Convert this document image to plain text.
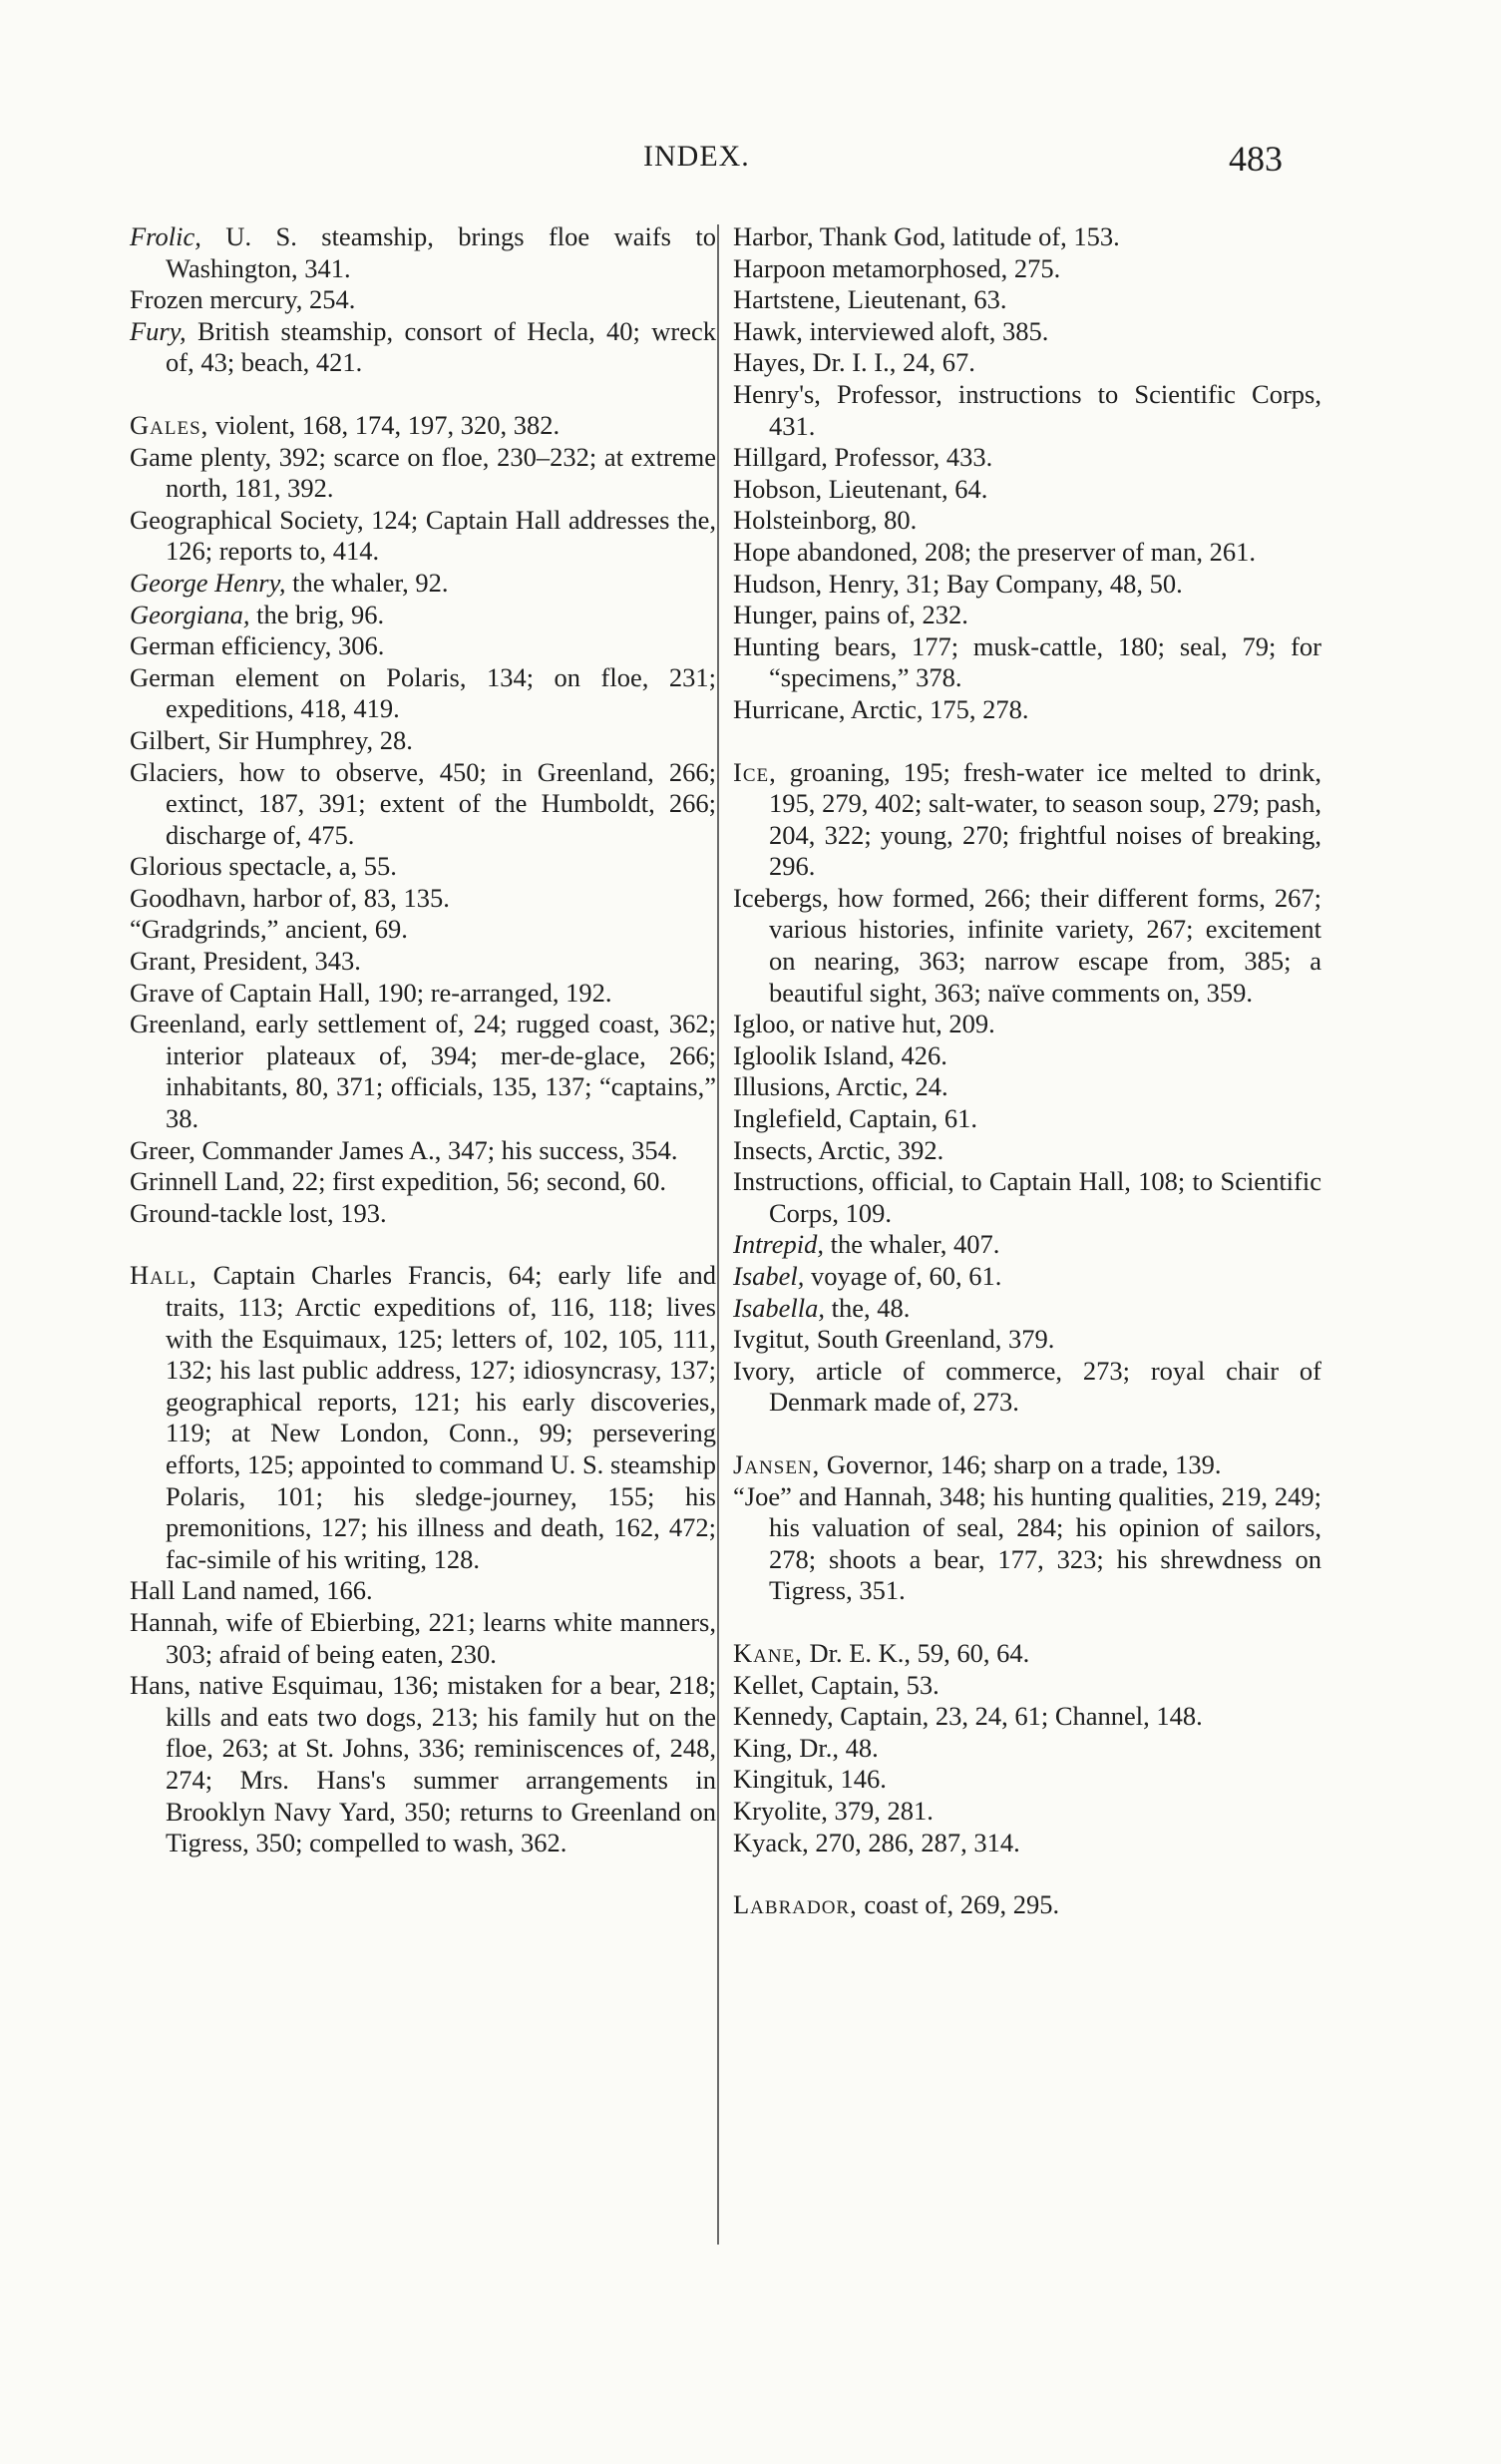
INDEX.	483

Frolic, U. S. steamship, brings floe waifs to Washington, 341.

Frozen mercury, 254.

Fury, British steamship, consort of Hecla, 40; wreck of, 43; beach, 421.

Gales, violent, 168, 174, 197, 320, 382.

Game plenty, 392; scarce on floe, 230–232; at extreme north, 181, 392.

Geographical Society, 124; Captain Hall addresses the, 126; reports to, 414.

George Henry, the whaler, 92.

Georgiana, the brig, 96.

German efficiency, 306.

German element on Polaris, 134; on floe, 231; expeditions, 418, 419.

Gilbert, Sir Humphrey, 28.

Glaciers, how to observe, 450; in Greenland, 266; extinct, 187, 391; extent of the Humboldt, 266; discharge of, 475.

Glorious spectacle, a, 55.

Goodhavn, harbor of, 83, 135.

“Gradgrinds,” ancient, 69.

Grant, President, 343.

Grave of Captain Hall, 190; re-arranged, 192.

Greenland, early settlement of, 24; rugged coast, 362; interior plateaux of, 394; mer-de-glace, 266; inhabitants, 80, 371; officials, 135, 137; “captains,” 38.

Greer, Commander James A., 347; his success, 354.

Grinnell Land, 22; first expedition, 56; second, 60.

Ground-tackle lost, 193.

Hall, Captain Charles Francis, 64; early life and traits, 113; Arctic expeditions of, 116, 118; lives with the Esquimaux, 125; letters of, 102, 105, 111, 132; his last public address, 127; idiosyncrasy, 137; geographical reports, 121; his early discoveries, 119; at New London, Conn., 99; persevering efforts, 125; appointed to command U. S. steamship Polaris, 101; his sledge-journey, 155; his premonitions, 127; his illness and death, 162, 472; fac-simile of his writing, 128.

Hall Land named, 166.

Hannah, wife of Ebierbing, 221; learns white manners, 303; afraid of being eaten, 230.

Hans, native Esquimau, 136; mistaken for a bear, 218; kills and eats two dogs, 213; his family hut on the floe, 263; at St. Johns, 336; reminiscences of, 248, 274; Mrs. Hans's summer arrangements in Brooklyn Navy Yard, 350; returns to Greenland on Tigress, 350; compelled to wash, 362.

Harbor, Thank God, latitude of, 153.

Harpoon metamorphosed, 275.

Hartstene, Lieutenant, 63.

Hawk, interviewed aloft, 385.

Hayes, Dr. I. I., 24, 67.

Henry's, Professor, instructions to Scientific Corps, 431.

Hillgard, Professor, 433.

Hobson, Lieutenant, 64.

Holsteinborg, 80.

Hope abandoned, 208; the preserver of man, 261.

Hudson, Henry, 31; Bay Company, 48, 50.

Hunger, pains of, 232.

Hunting bears, 177; musk-cattle, 180; seal, 79; for “specimens,” 378.

Hurricane, Arctic, 175, 278.

Ice, groaning, 195; fresh-water ice melted to drink, 195, 279, 402; salt-water, to season soup, 279; pash, 204, 322; young, 270; frightful noises of breaking, 296.

Icebergs, how formed, 266; their different forms, 267; various histories, infinite variety, 267; excitement on nearing, 363; narrow escape from, 385; a beautiful sight, 363; naïve comments on, 359.

Igloo, or native hut, 209.

Igloolik Island, 426.

Illusions, Arctic, 24.

Inglefield, Captain, 61.

Insects, Arctic, 392.

Instructions, official, to Captain Hall, 108; to Scientific Corps, 109.

Intrepid, the whaler, 407.

Isabel, voyage of, 60, 61.

Isabella, the, 48.

Ivgitut, South Greenland, 379.

Ivory, article of commerce, 273; royal chair of Denmark made of, 273.

Jansen, Governor, 146; sharp on a trade, 139.

“Joe” and Hannah, 348; his hunting qualities, 219, 249; his valuation of seal, 284; his opinion of sailors, 278; shoots a bear, 177, 323; his shrewdness on Tigress, 351.

Kane, Dr. E. K., 59, 60, 64.

Kellet, Captain, 53.

Kennedy, Captain, 23, 24, 61; Channel, 148.

King, Dr., 48.

Kingituk, 146.

Kryolite, 379, 281.

Kyack, 270, 286, 287, 314.

Labrador, coast of, 269, 295.
